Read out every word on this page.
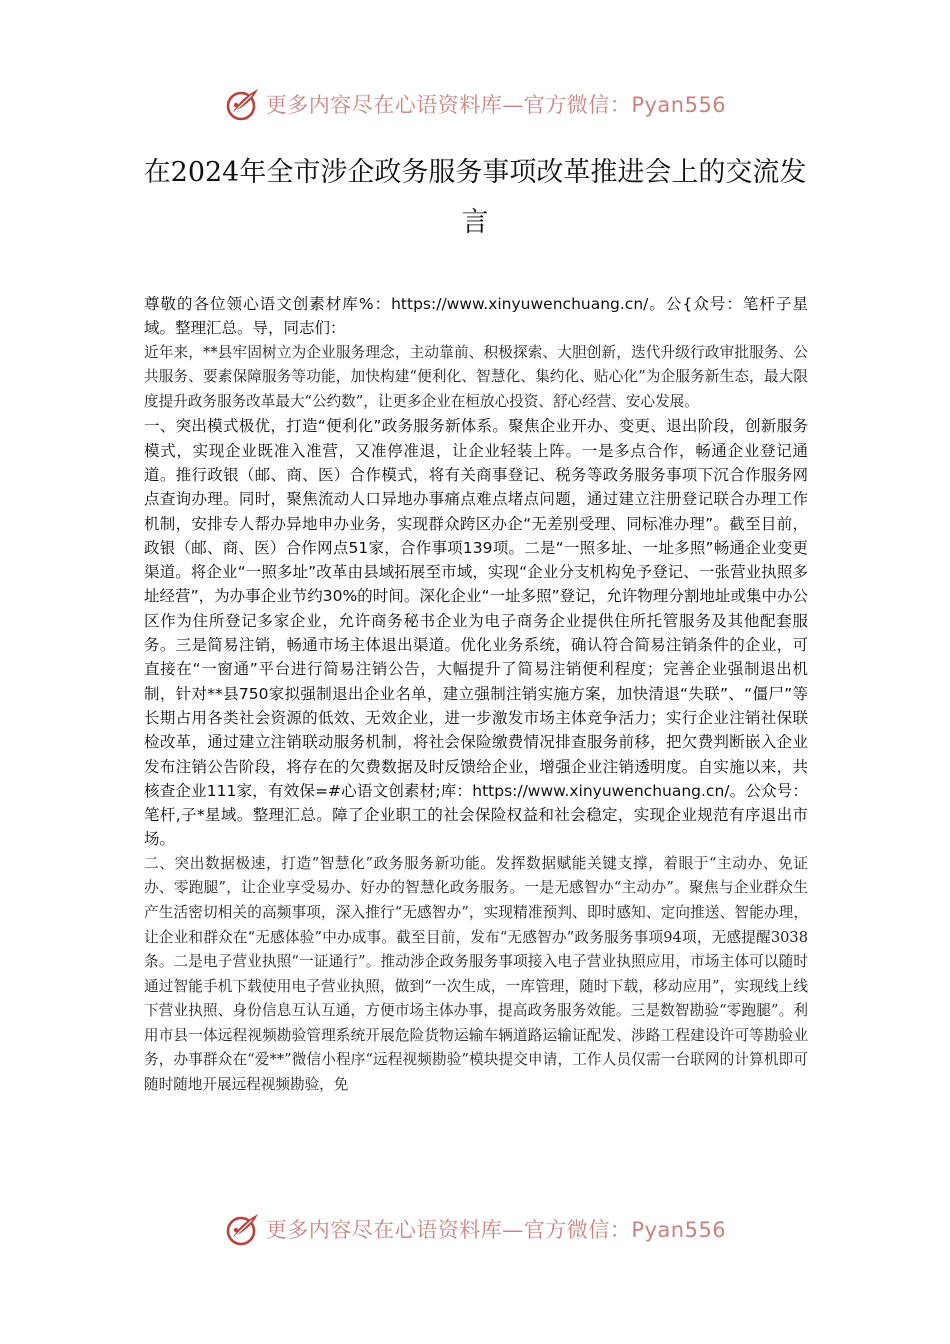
更多内容尽在心语资料库—官方微信：Pyan556
在2024年全市涉企政务服务事项改革推进会上的交流发言

尊敬的各位领心语文创素材库%：https://www.xinyuwenchuang.cn/。公{众号：笔杆子星域。整理汇总。导，同志们：

近年来，**县牢固树立为企业服务理念，主动靠前、积极探索、大胆创新，迭代升级行政审批服务、公共服务、要素保障服务等功能，加快构建“便利化、智慧化、集约化、贴心化”为企服务新生态，最大限度提升政务服务改革最大“公约数”，让更多企业在桓放心投资、舒心经营、安心发展。

一、突出模式极优，打造“便利化”政务服务新体系。聚焦企业开办、变更、退出阶段，创新服务模式，实现企业既准入准营，又准停准退，让企业轻装上阵。一是多点合作，畅通企业登记通道。推行政银（邮、商、医）合作模式，将有关商事登记、税务等政务服务事项下沉合作服务网点查询办理。同时，聚焦流动人口异地办事痛点难点堵点问题，通过建立注册登记联合办理工作机制，安排专人帮办异地申办业务，实现群众跨区办企“无差别受理、同标准办理”。截至目前，政银（邮、商、医）合作网点51家，合作事项139项。二是“一照多址、一址多照”畅通企业变更渠道。将企业“一照多址”改革由县域拓展至市域，实现“企业分支机构免予登记、一张营业执照多址经营”，为办事企业节约30%的时间。深化企业“一址多照”登记，允许物理分割地址或集中办公区作为住所登记多家企业，允许商务秘书企业为电子商务企业提供住所托管服务及其他配套服务。三是简易注销，畅通市场主体退出渠道。优化业务系统，确认符合简易注销条件的企业，可直接在“一窗通”平台进行简易注销公告，大幅提升了简易注销便利程度；完善企业强制退出机制，针对**县750家拟强制退出企业名单，建立强制注销实施方案，加快清退“失联”、“僵尸”等长期占用各类社会资源的低效、无效企业，进一步激发市场主体竞争活力；实行企业注销社保联检改革，通过建立注销联动服务机制，将社会保险缴费情况排查服务前移，把欠费判断嵌入企业发布注销公告阶段，将存在的欠费数据及时反馈给企业，增强企业注销透明度。自实施以来，共核查企业111家，有效保=#心语文创素材;库：https://www.xinyuwenchuang.cn/。公众号：笔杆,子*星域。整理汇总。障了企业职工的社会保险权益和社会稳定，实现企业规范有序退出市场。

二、突出数据极速，打造“智慧化”政务服务新功能。发挥数据赋能关键支撑，着眼于“主动办、免证办、零跑腿”，让企业享受易办、好办的智慧化政务服务。一是无感智办“主动办”。聚焦与企业群众生产生活密切相关的高频事项，深入推行“无感智办”，实现精准预判、即时感知、定向推送、智能办理，让企业和群众在“无感体验”中办成事。截至目前，发布“无感智办”政务服务事项94项，无感提醒3038条。二是电子营业执照“一证通行”。推动涉企政务服务事项接入电子营业执照应用，市场主体可以随时通过智能手机下载使用电子营业执照，做到“一次生成，一库管理，随时下载，移动应用”，实现线上线下营业执照、身份信息互认互通，方便市场主体办事，提高政务服务效能。三是数智勘验“零跑腿”。利用市县一体远程视频勘验管理系统开展危险货物运输车辆道路运输证配发、涉路工程建设许可等勘验业务，办事群众在“爱**”微信小程序“远程视频勘验”模块提交申请，工作人员仅需一台联网的计算机即可随时随地开展远程视频勘验，免

更多内容尽在心语资料库—官方微信：Pyan556
